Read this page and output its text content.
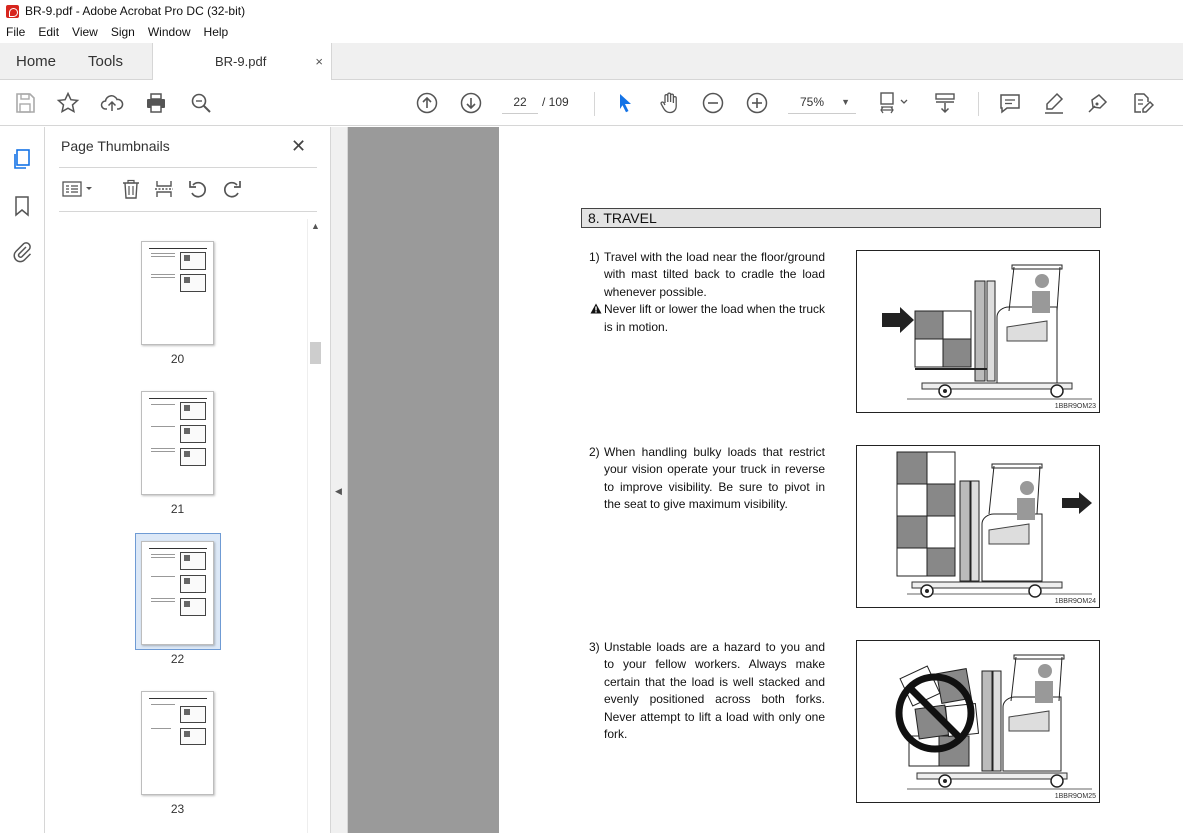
BR-9.pdf - Adobe Acrobat Pro DC (32-bit)
File Edit View Sign Window Help
Home Tools	BR-9.pdf	×
22	/ 109	75% ▼
Page Thumbnails	✕
▲
20
21
22
23
◀
8. TRAVEL
1) Travel with the load near the floor/ground with mast tilted back to cradle the load whenever possible.
Never lift or lower the load when the truck is in motion.
1BBR9OM23
2) When handling bulky loads that restrict your vision operate your truck in reverse to improve visibility. Be sure to pivot in the seat to give maximum visibility.
1BBR9OM24
3) Unstable loads are a hazard to you and to your fellow workers. Always make certain that the load is well stacked and evenly positioned across both forks. Never attempt to lift a load with only one fork.
1BBR9OM25
